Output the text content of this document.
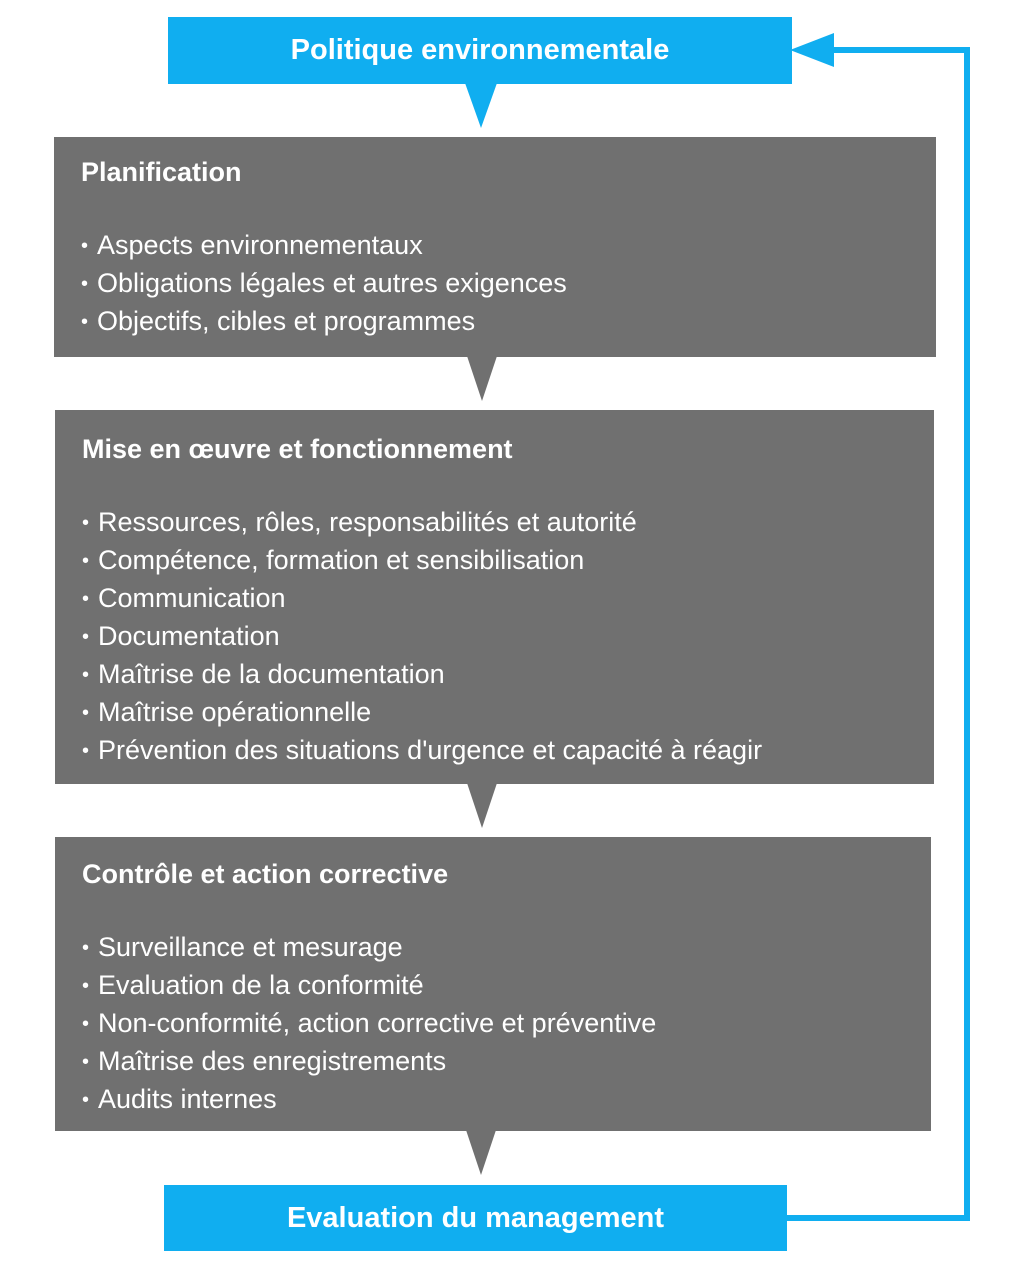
Politique environnementale
Planification
• Aspects environnementaux
• Obligations légales et autres exigences
• Objectifs, cibles et programmes
Mise en œuvre et fonctionnement
• Ressources, rôles, responsabilités et autorité
• Compétence, formation et sensibilisation
• Communication
• Documentation
• Maîtrise de la documentation
• Maîtrise opérationnelle
• Prévention des situations d'urgence et capacité à réagir
Contrôle et action corrective
• Surveillance et mesurage
• Evaluation de la conformité
• Non-conformité, action corrective et préventive
• Maîtrise des enregistrements
• Audits internes
Evaluation du management
